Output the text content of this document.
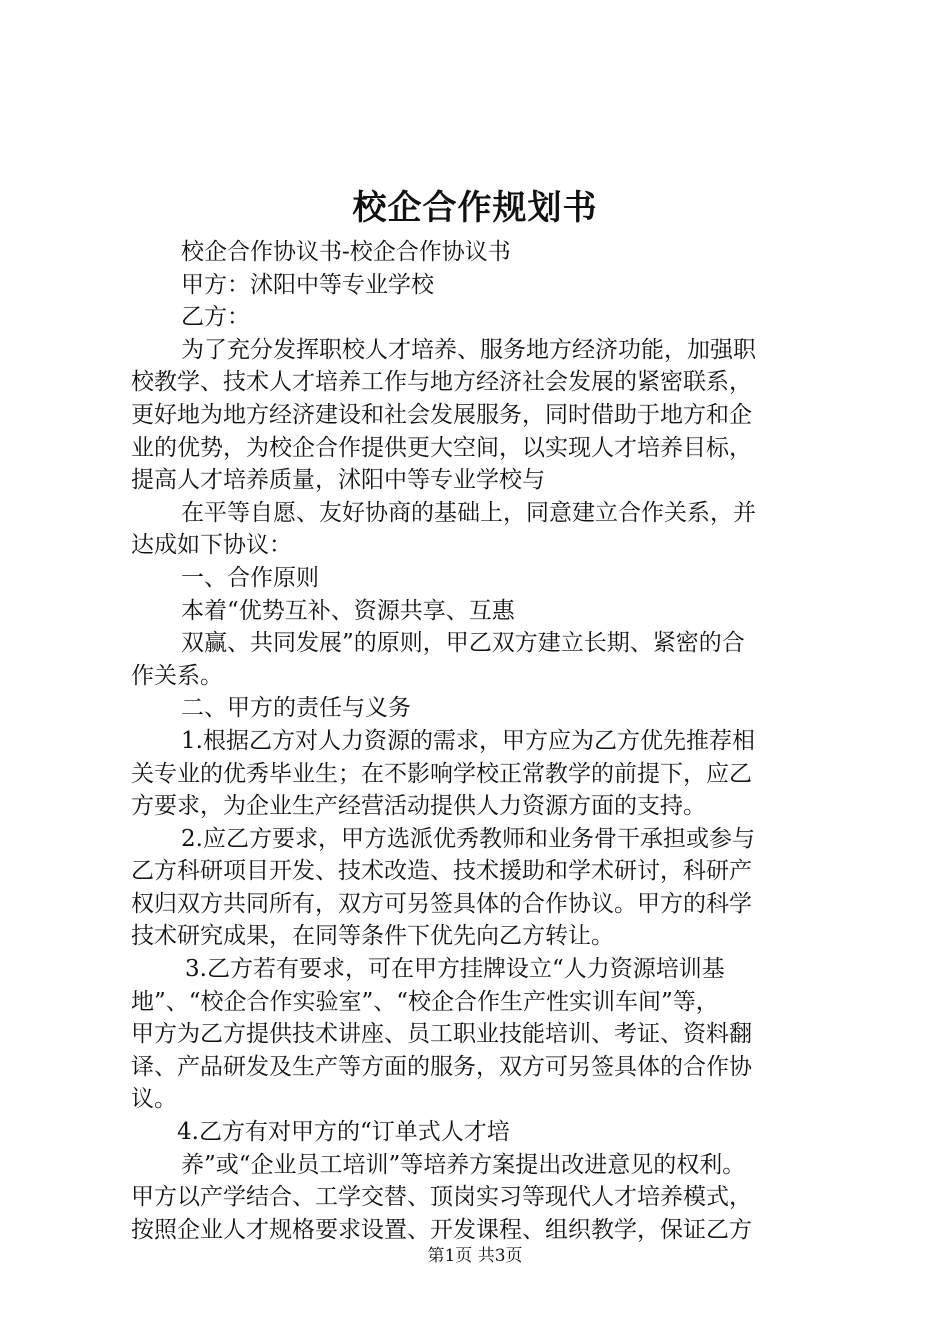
校企合作规划书
校企合作协议书-校企合作协议书
甲方：沭阳中等专业学校
乙方：
为了充分发挥职校人才培养、服务地方经济功能，加强职
校教学、技术人才培养工作与地方经济社会发展的紧密联系，
更好地为地方经济建设和社会发展服务，同时借助于地方和企
业的优势，为校企合作提供更大空间，以实现人才培养目标，
提高人才培养质量，沭阳中等专业学校与
在平等自愿、友好协商的基础上，同意建立合作关系，并
达成如下协议：
一、合作原则
本着“优势互补、资源共享、互惠
双赢、共同发展”的原则，甲乙双方建立长期、紧密的合
作关系。
二、甲方的责任与义务
1.根据乙方对人力资源的需求，甲方应为乙方优先推荐相
关专业的优秀毕业生；在不影响学校正常教学的前提下，应乙
方要求，为企业生产经营活动提供人力资源方面的支持。
2.应乙方要求，甲方选派优秀教师和业务骨干承担或参与
乙方科研项目开发、技术改造、技术援助和学术研讨，科研产
权归双方共同所有，双方可另签具体的合作协议。甲方的科学
技术研究成果，在同等条件下优先向乙方转让。
3.乙方若有要求，可在甲方挂牌设立“人力资源培训基
地”、“校企合作实验室”、“校企合作生产性实训车间”等，
甲方为乙方提供技术讲座、员工职业技能培训、考证、资料翻
译、产品研发及生产等方面的服务，双方可另签具体的合作协
议。
4.乙方有对甲方的“订单式人才培
养”或“企业员工培训”等培养方案提出改进意见的权利。
甲方以产学结合、工学交替、顶岗实习等现代人才培养模式，
按照企业人才规格要求设置、开发课程、组织教学，保证乙方
第1页 共3页
